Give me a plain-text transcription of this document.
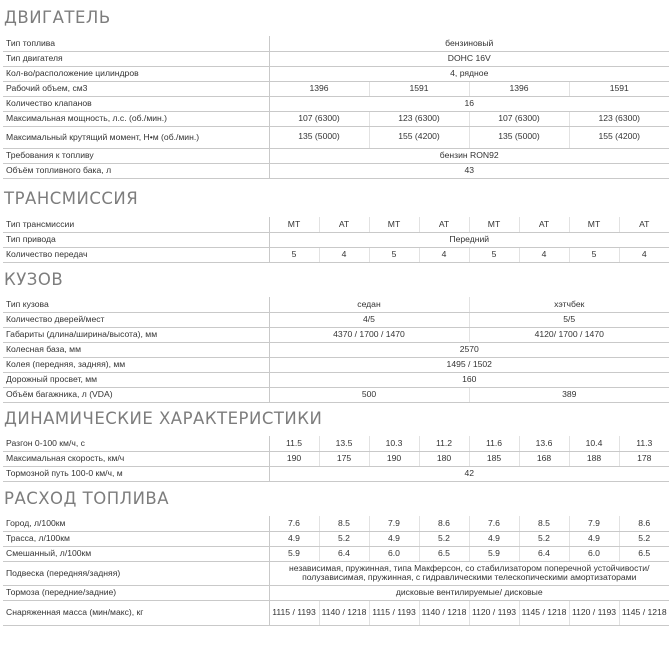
ДВИГАТЕЛЬ
Тип топлива	бензиновый			
Тип двигателя	DOHC 16V			
Кол-во/расположение цилиндров	4, рядное			
Рабочий объем, см3	1396	1591	1396	1591
Количество клапанов	16			
Максимальная мощность, л.с. (об./мин.)	107 (6300)	123 (6300)	107 (6300)	123 (6300)
Максимальный крутящий момент, Н•м (об./мин.)	135 (5000)	155 (4200)	135 (5000)	155 (4200)
Требования к топливу	бензин RON92			
Объём топливного бака, л	43			
ТРАНСМИССИЯ
Тип трансмиссии	MT	AT	MT	AT	MT	AT	MT	AT
Тип привода	Передний							
Количество передач	5	4	5	4	5	4	5	4
КУЗОВ
Тип кузова	седан	хэтчбек
Количество дверей/мест	4/5	5/5
Габариты (длина/ширина/высота), мм	4370 / 1700 / 1470	4120/ 1700 / 1470
Колесная база, мм	2570	
Колея (передняя, задняя), мм	1495 / 1502	
Дорожный просвет, мм	160	
Объём багажника, л (VDA)	500	389
ДИНАМИЧЕСКИЕ ХАРАКТЕРИСТИКИ
Разгон 0-100 км/ч, с	11.5	13.5	10.3	11.2	11.6	13.6	10.4	11.3
Максимальная скорость, км/ч	190	175	190	180	185	168	188	178
Тормозной путь 100-0 км/ч, м	42							
РАСХОД ТОПЛИВА
Город, л/100км	7.6	8.5	7.9	8.6	7.6	8.5	7.9	8.6
Трасса, л/100км	4.9	5.2	4.9	5.2	4.9	5.2	4.9	5.2
Смешанный, л/100км	5.9	6.4	6.0	6.5	5.9	6.4	6.0	6.5
Подвеска (передняя/задняя)	независимая, пружинная, типа Макферсон, со стабилизатором поперечной устойчивости/ полузависимая, пружинная, с гидравлическими телескопическими амортизаторами							
Тормоза (передние/задние)	дисковые вентилируемые/ дисковые							
Снаряженная масса (мин/макс), кг	1115 / 1193	1140 / 1218	1115 / 1193	1140 / 1218	1120 / 1193	1145 / 1218	1120 / 1193	1145 / 1218
